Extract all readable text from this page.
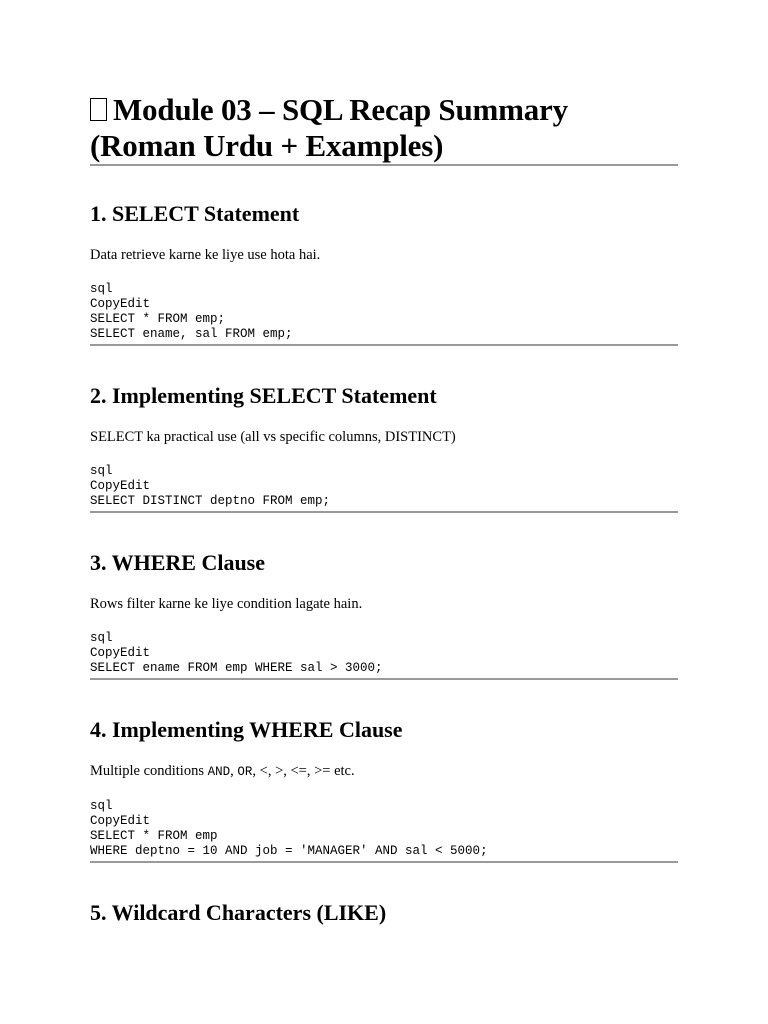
Module 03 – SQL Recap Summary (Roman Urdu + Examples)
1. SELECT Statement

Data retrieve karne ke liye use hota hai.

sql
CopyEdit
SELECT * FROM emp;
SELECT ename, sal FROM emp;
2. Implementing SELECT Statement

SELECT ka practical use (all vs specific columns, DISTINCT)

sql
CopyEdit
SELECT DISTINCT deptno FROM emp;
3. WHERE Clause

Rows filter karne ke liye condition lagate hain.

sql
CopyEdit
SELECT ename FROM emp WHERE sal > 3000;
4. Implementing WHERE Clause

Multiple conditions AND, OR, <, >, <=, >= etc.

sql
CopyEdit
SELECT * FROM emp
WHERE deptno = 10 AND job = 'MANAGER' AND sal < 5000;
5. Wildcard Characters (LIKE)
